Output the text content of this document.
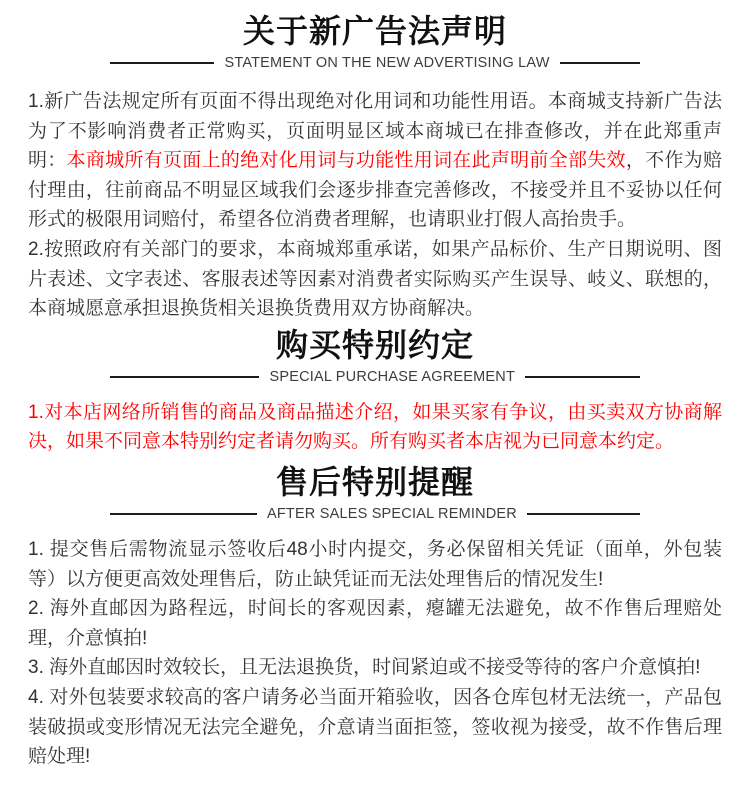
关于新广告法声明
STATEMENT ON THE NEW ADVERTISING LAW

1.新广告法规定所有页面不得出现绝对化用词和功能性用语。本商城支持新广告法为了不影响消费者正常购买，页面明显区域本商城已在排查修改，并在此郑重声明：本商城所有页面上的绝对化用词与功能性用词在此声明前全部失效，不作为赔付理由，往前商品不明显区域我们会逐步排查完善修改，不接受并且不妥协以任何形式的极限用词赔付，希望各位消费者理解，也请职业打假人高抬贵手。

2.按照政府有关部门的要求，本商城郑重承诺，如果产品标价、生产日期说明、图片表述、文字表述、客服表述等因素对消费者实际购买产生误导、岐义、联想的，本商城愿意承担退换货相关退换货费用双方协商解决。

购买特别约定
SPECIAL PURCHASE AGREEMENT

1.对本店网络所销售的商品及商品描述介绍，如果买家有争议，由买卖双方协商解决，如果不同意本特别约定者请勿购买。所有购买者本店视为已同意本约定。

售后特别提醒
AFTER SALES SPECIAL REMINDER

1. 提交售后需物流显示签收后48小时内提交，务必保留相关凭证（面单，外包装等）以方便更高效处理售后，防止缺凭证而无法处理售后的情况发生!

2. 海外直邮因为路程远，时间长的客观因素，瘪罐无法避免，故不作售后理赔处理，介意慎拍!

3. 海外直邮因时效较长，且无法退换货，时间紧迫或不接受等待的客户介意慎拍!

4. 对外包装要求较高的客户请务必当面开箱验收，因各仓库包材无法统一，产品包装破损或变形情况无法完全避免，介意请当面拒签，签收视为接受，故不作售后理赔处理!
